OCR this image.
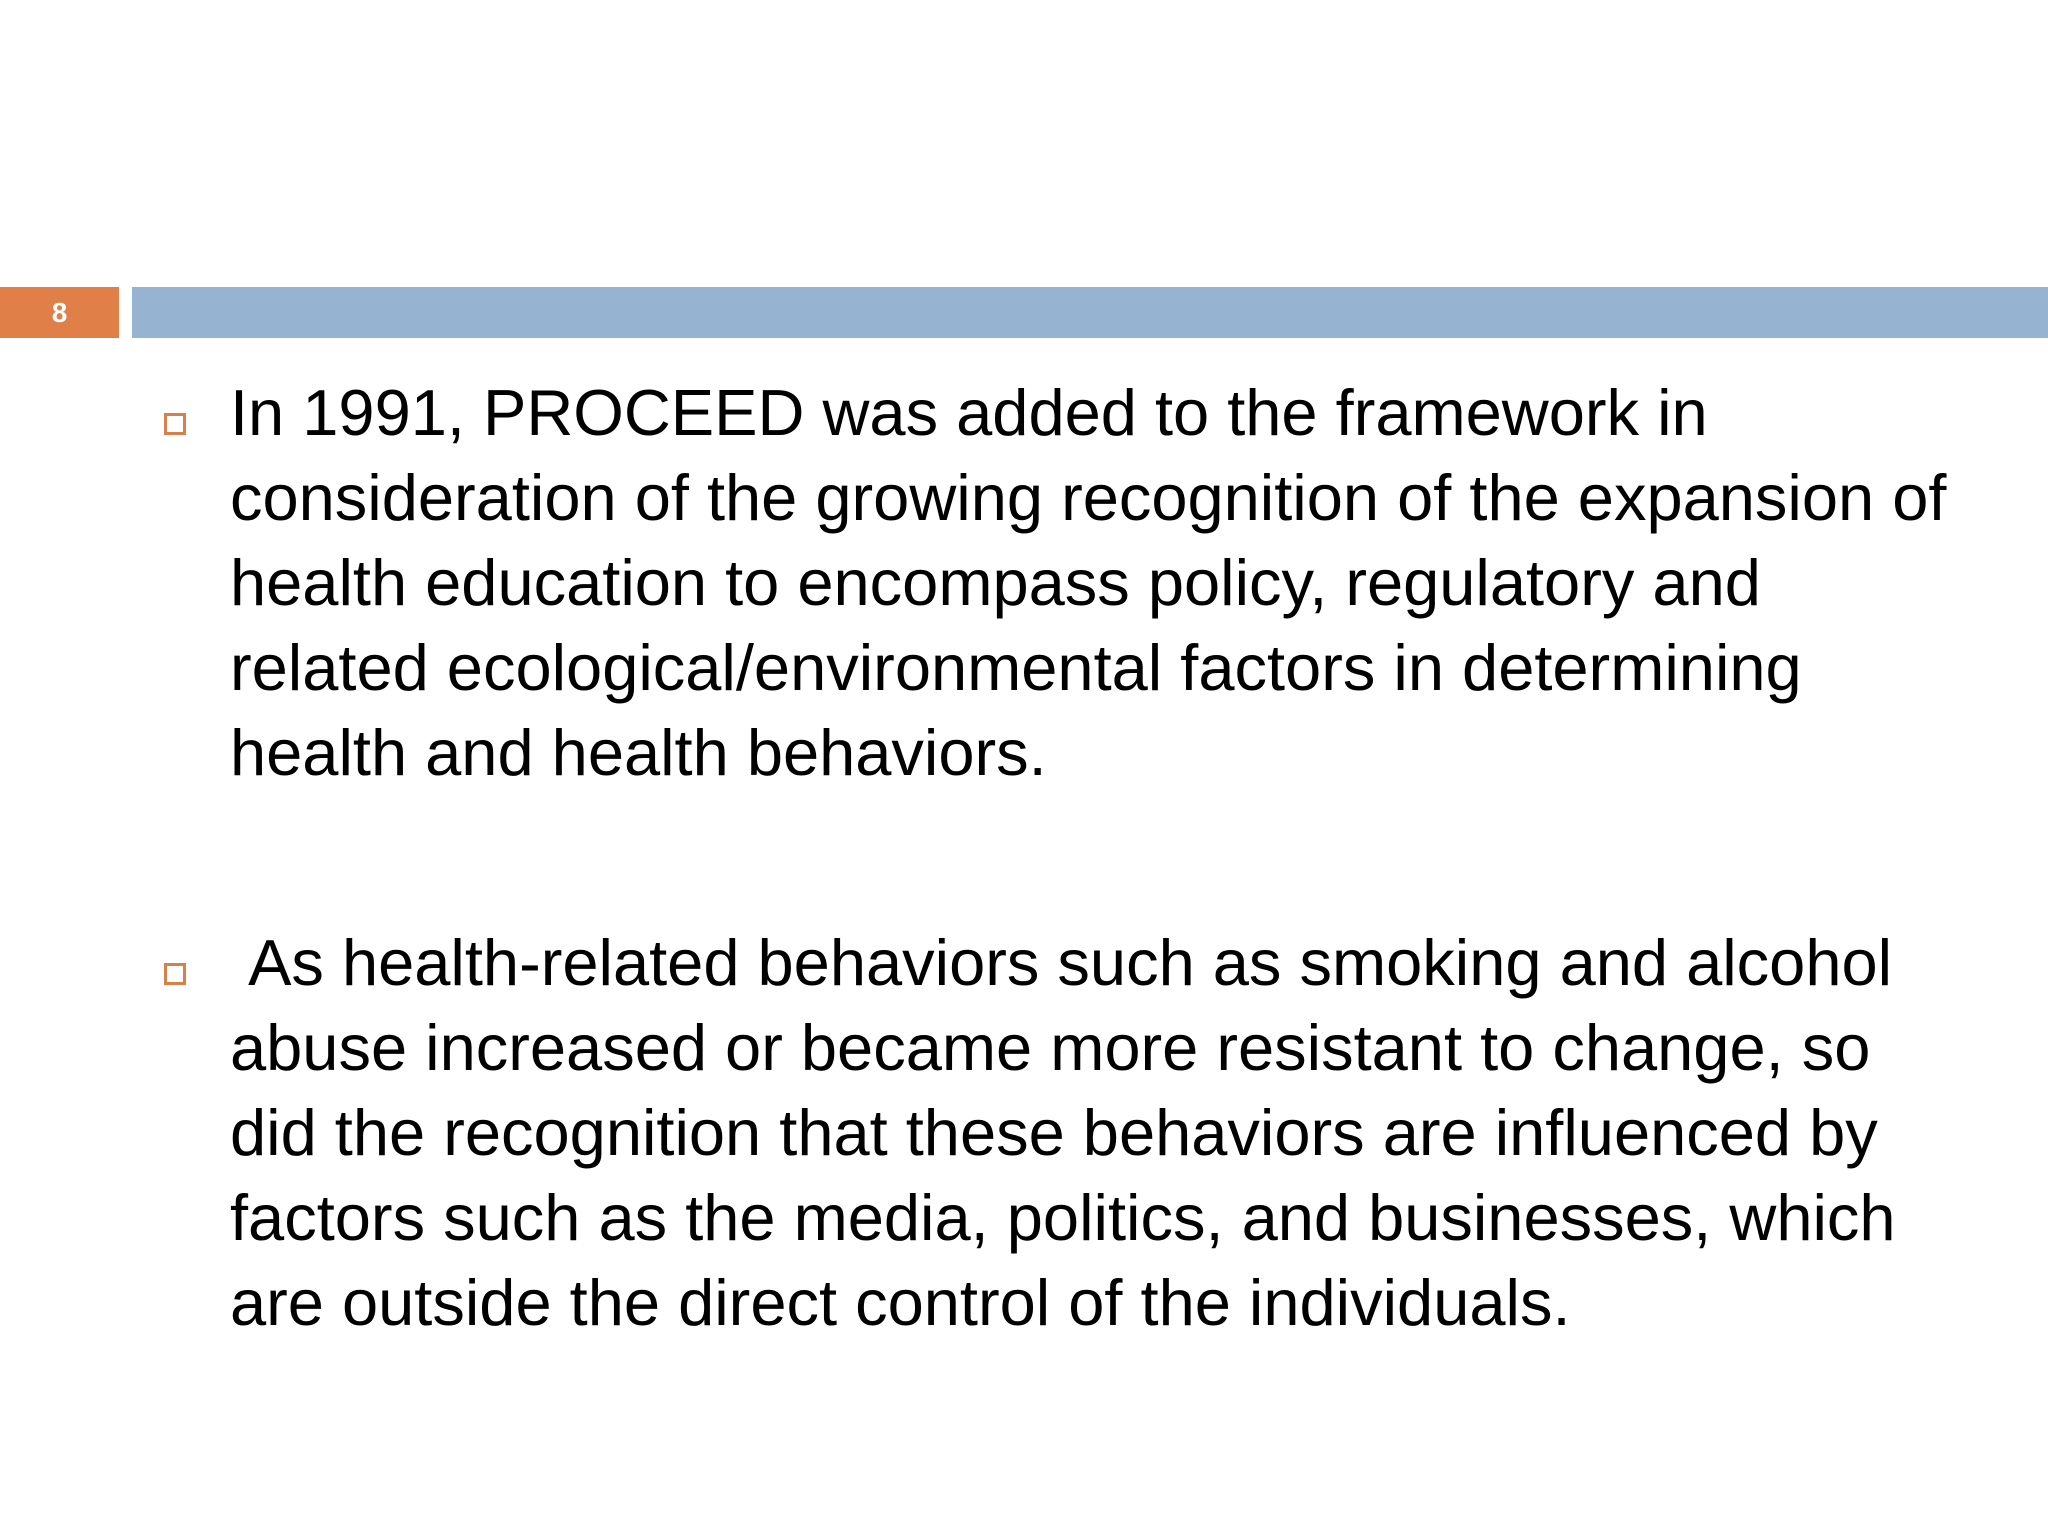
8
In 1991, PROCEED was added to the framework in consideration of the growing recognition of the expansion of health education to encompass policy, regulatory and related ecological/environmental factors in determining health and health behaviors.
As health-related behaviors such as smoking and alcohol abuse increased or became more resistant to change, so did the recognition that these behaviors are influenced by factors such as the media, politics, and businesses, which are outside the direct control of the individuals.
